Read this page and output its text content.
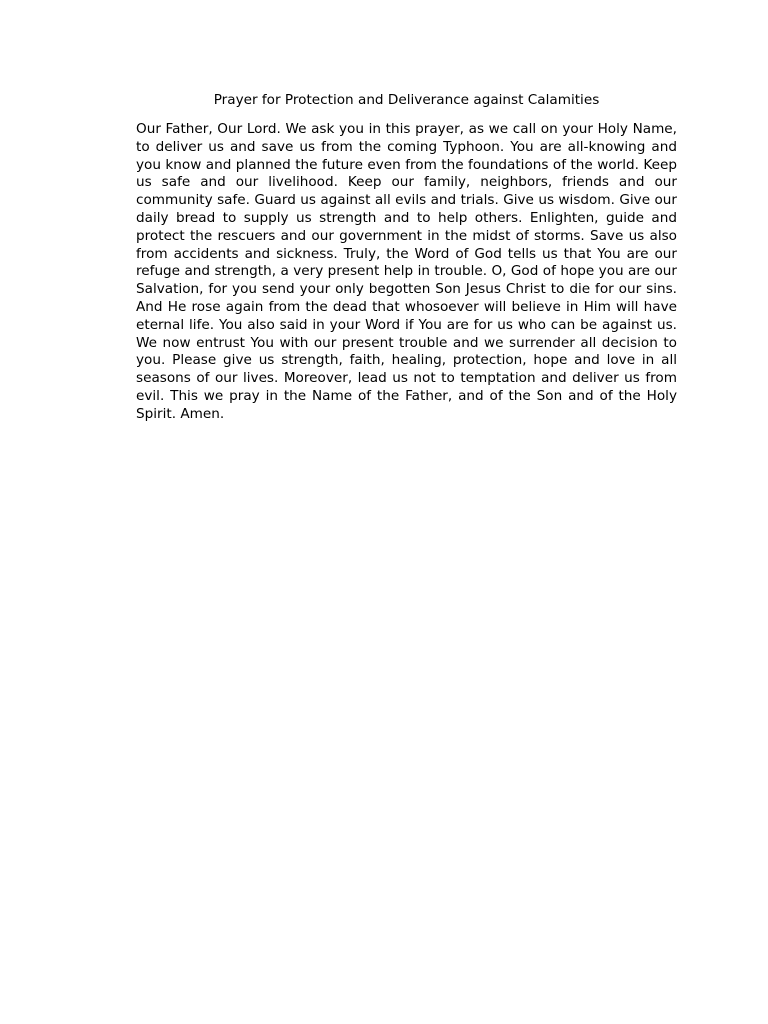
Prayer for Protection and Deliverance against Calamities

Our Father, Our Lord. We ask you in this prayer, as we call on your Holy Name, to deliver us and save us from the coming Typhoon. You are all-knowing and you know and planned the future even from the foundations of the world. Keep us safe and our livelihood. Keep our family, neighbors, friends and our community safe. Guard us against all evils and trials. Give us wisdom. Give our daily bread to supply us strength and to help others. Enlighten, guide and protect the rescuers and our government in the midst of storms. Save us also from accidents and sickness. Truly, the Word of God tells us that You are our refuge and strength, a very present help in trouble. O, God of hope you are our Salvation, for you send your only begotten Son Jesus Christ to die for our sins. And He rose again from the dead that whosoever will believe in Him will have eternal life. You also said in your Word if You are for us who can be against us. We now entrust You with our present trouble and we surrender all decision to you. Please give us strength, faith, healing, protection, hope and love in all seasons of our lives. Moreover, lead us not to temptation and deliver us from evil. This we pray in the Name of the Father, and of the Son and of the Holy Spirit. Amen.
